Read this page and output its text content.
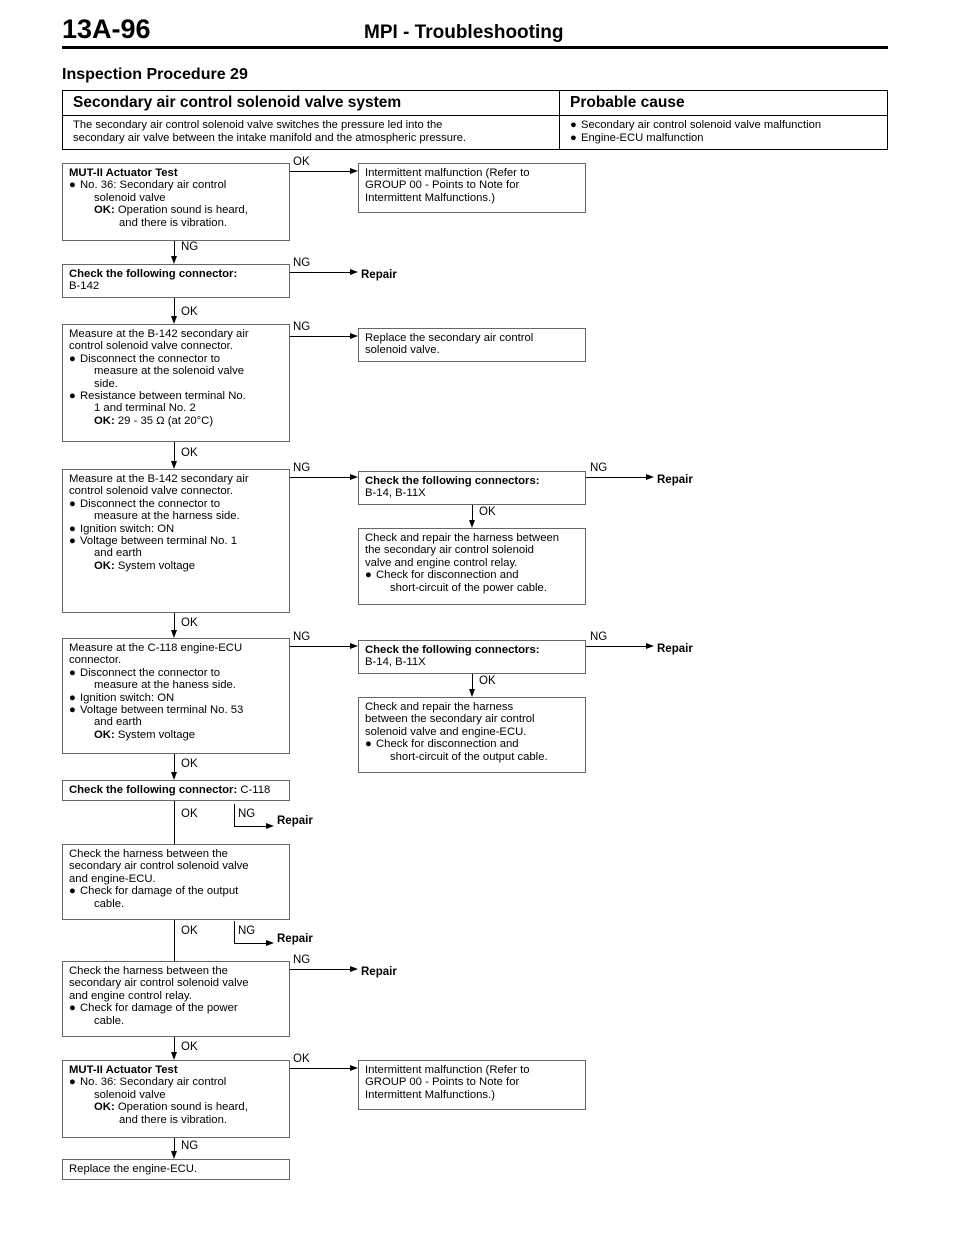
13A-96	MPI - Troubleshooting
Inspection Procedure 29
Secondary air control solenoid valve system	Probable cause

The secondary air control solenoid valve switches the pressure led into the
secondary air valve between the intake manifold and the atmospheric pressure.	● Secondary air control solenoid valve malfunction
● Engine-ECU malfunction
MUT-II Actuator Test
● No. 36: Secondary air control
solenoid valve
OK: Operation sound is heard,
and there is vibration.
Intermittent malfunction (Refer to
GROUP 00 - Points to Note for
Intermittent Malfunctions.)
Check the following connector:
B-142
Measure at the B-142 secondary air
control solenoid valve connector.
● Disconnect the connector to
measure at the solenoid valve
side.
● Resistance between terminal No.
1 and terminal No. 2
OK: 29 - 35 Ω (at 20°C)
Replace the secondary air control
solenoid valve.
Measure at the B-142 secondary air
control solenoid valve connector.
● Disconnect the connector to
measure at the harness side.
● Ignition switch: ON
● Voltage between terminal No. 1
and earth
OK: System voltage
Check the following connectors:
B-14, B-11X
Check and repair the harness between
the secondary air control solenoid
valve and engine control relay.
● Check for disconnection and
short-circuit of the power cable.
Measure at the C-118 engine-ECU
connector.
● Disconnect the connector to
measure at the haness side.
● Ignition switch: ON
● Voltage between terminal No. 53
and earth
OK: System voltage
Check the following connectors:
B-14, B-11X
Check and repair the harness
between the secondary air control
solenoid valve and engine-ECU.
● Check for disconnection and
short-circuit of the output cable.
Check the following connector: C-118
Check the harness between the
secondary air control solenoid valve
and engine-ECU.
● Check for damage of the output
cable.
Check the harness between the
secondary air control solenoid valve
and engine control relay.
● Check for damage of the power
cable.
MUT-II Actuator Test
● No. 36: Secondary air control
solenoid valve
OK: Operation sound is heard,
and there is vibration.
Intermittent malfunction (Refer to
GROUP 00 - Points to Note for
Intermittent Malfunctions.)
Replace the engine-ECU.
NG
OK
OK
OK
OK
OK
OK
OK
NG
OK
OK
OK
NG
Repair
NG
NG	NG
Repair
NG	NG
Repair
NG
Repair
NG
Repair
NG
Repair
OK
